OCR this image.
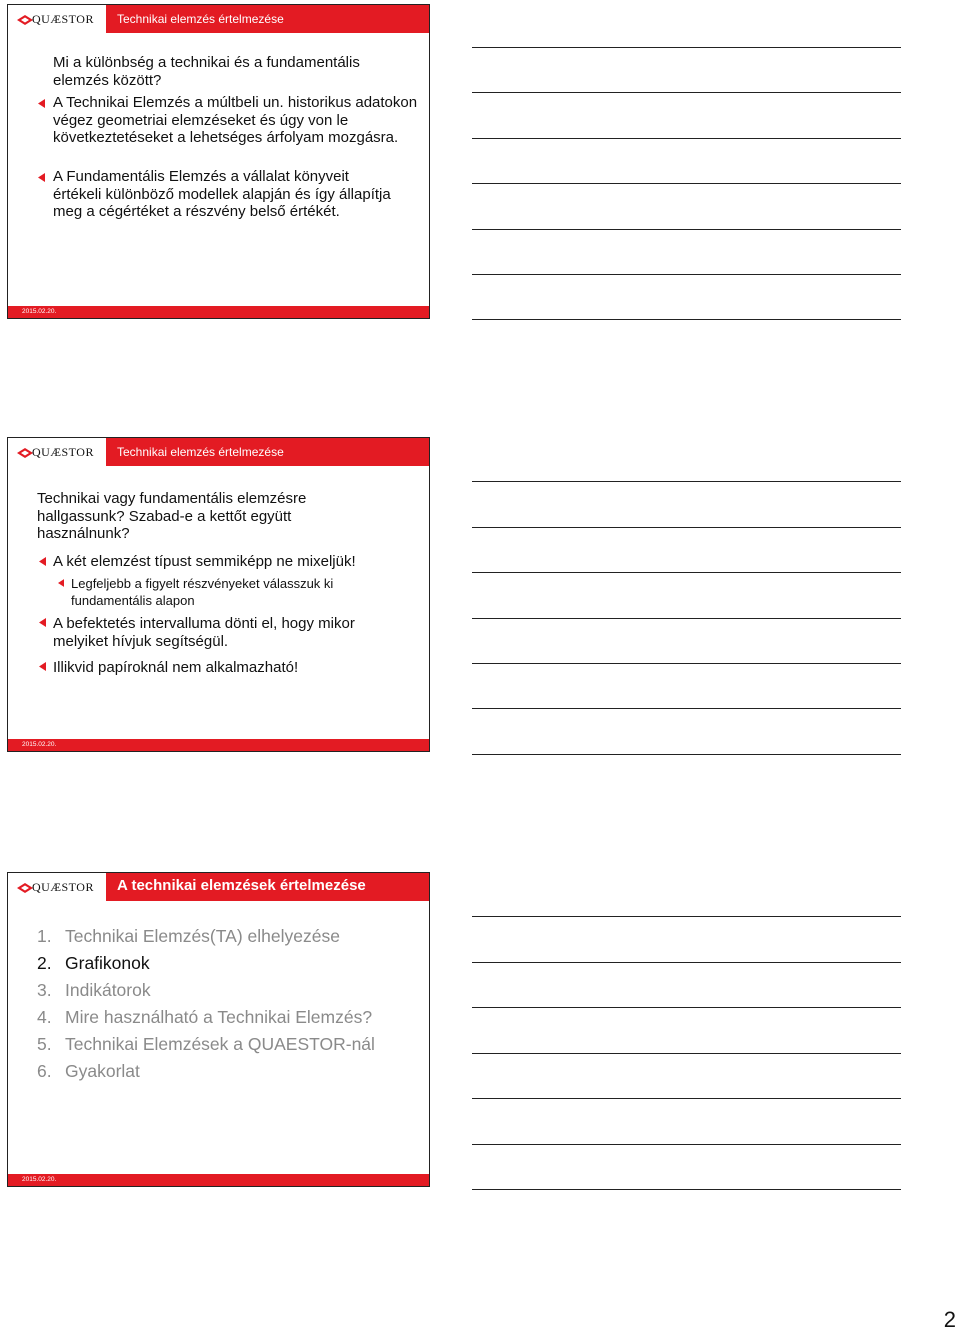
QUÆSTOR Technikai elemzés értelmezése

Mi a különbség a technikai és a fundamentális elemzés között?

A Technikai Elemzés a múltbeli un. historikus adatokon végez geometriai elemzéseket és úgy von le következtetéseket a lehetséges árfolyam mozgásra.

A Fundamentális Elemzés a vállalat könyveit értékeli különböző modellek alapján és így állapítja meg a cégértéket a részvény belső értékét.

2015.02.20.
QUÆSTOR Technikai elemzés értelmezése

Technikai vagy fundamentális elemzésre hallgassunk? Szabad-e a kettőt együtt használnunk?

A két elemzést típust semmiképp ne mixeljük!

Legfeljebb a figyelt részvényeket válasszuk ki fundamentális alapon

A befektetés intervalluma dönti el, hogy mikor melyiket hívjuk segítségül.

Illikvid papíroknál nem alkalmazható!

2015.02.20.
QUÆSTOR A technikai elemzések értelmezése
1. Technikai Elemzés(TA) elhelyezése
2. Grafikonok
3. Indikátorok
4. Mire használható a Technikai Elemzés?
5. Technikai Elemzések a QUAESTOR-nál
6. Gyakorlat
2015.02.20.
2
